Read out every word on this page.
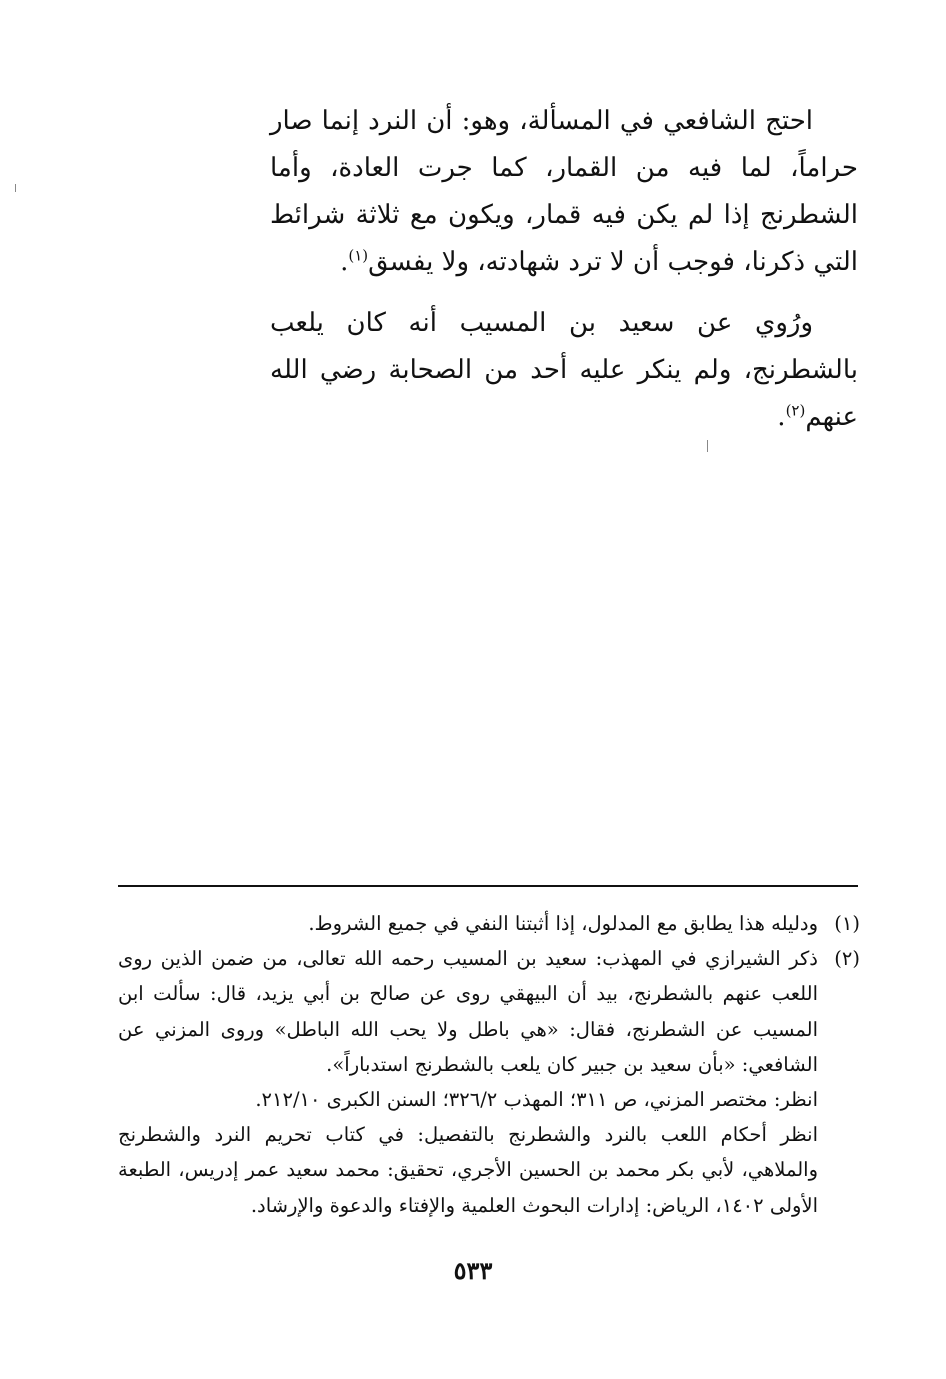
احتج الشافعي في المسألة، وهو: أن النرد إنما صار حراماً، لما فيه من القمار، كما جرت العادة، وأما الشطرنج إذا لم يكن فيه قمار، ويكون مع ثلاثة شرائط التي ذكرنا، فوجب أن لا ترد شهادته، ولا يفسق$^{(١)}$.

ورُوي عن سعيد بن المسيب أنه كان يلعب بالشطرنج، ولم ينكر عليه أحد من الصحابة رضي الله عنهم$^{(٢)}$.

(١)

ودليله هذا يطابق مع المدلول، إذا أثبتنا النفي في جميع الشروط.

(٢)

ذكر الشيرازي في المهذب: سعيد بن المسيب رحمه الله تعالى، من ضمن الذين روى اللعب عنهم بالشطرنج، بيد أن البيهقي روى عن صالح بن أبي يزيد، قال: سألت ابن المسيب عن الشطرنج، فقال: «هي باطل ولا يحب الله الباطل» وروى المزني عن الشافعي: «بأن سعيد بن جبير كان يلعب بالشطرنج استدباراً».

انظر: مختصر المزني، ص ٣١١؛ المهذب ٣٢٦/٢؛ السنن الكبرى ٢١٢/١٠.

انظر أحكام اللعب بالنرد والشطرنج بالتفصيل: في كتاب تحريم النرد والشطرنج والملاهي، لأبي بكر محمد بن الحسين الأجري، تحقيق: محمد سعيد عمر إدريس، الطبعة الأولى ١٤٠٢، الرياض: إدارات البحوث العلمية والإفتاء والدعوة والإرشاد.

٥٣٣
